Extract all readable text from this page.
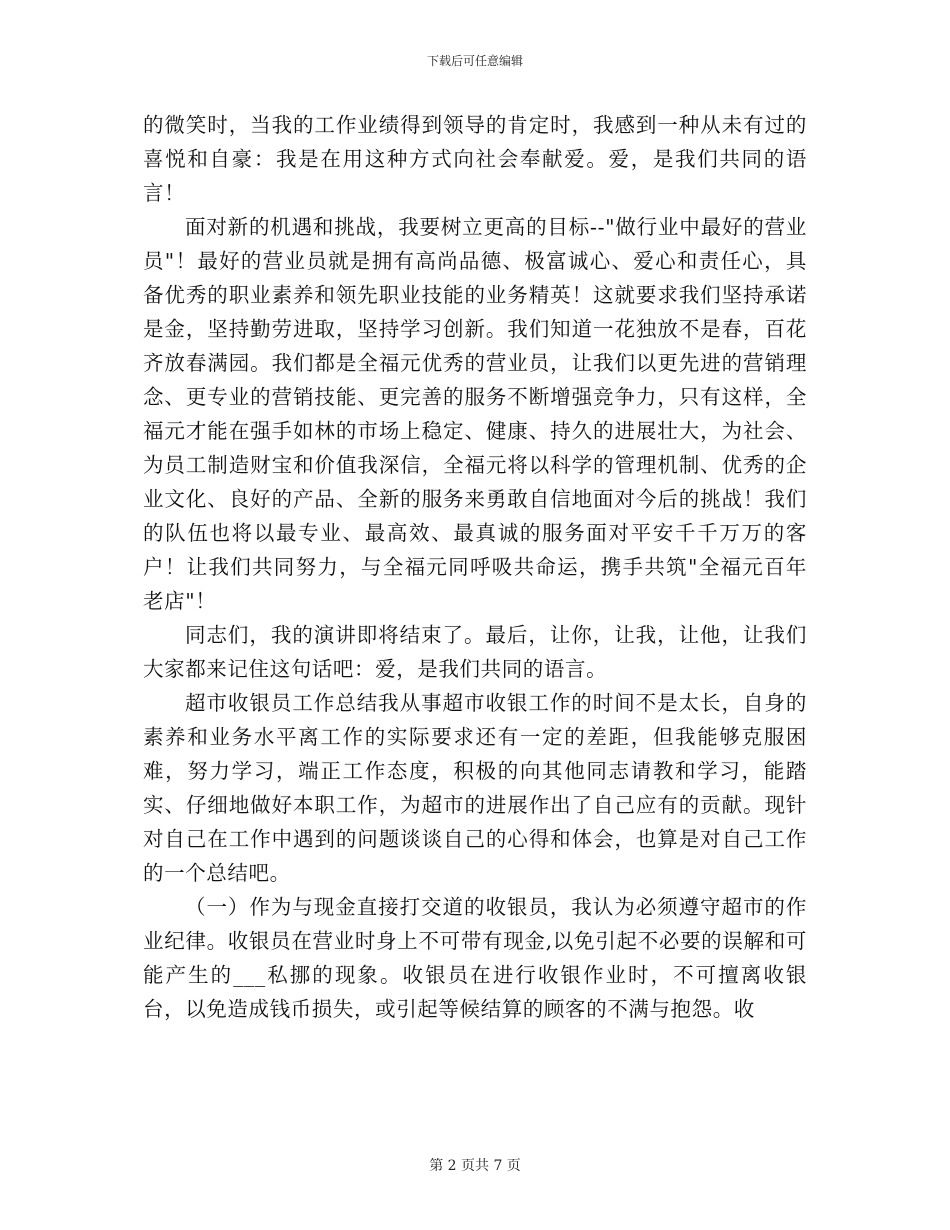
下载后可任意编辑

的微笑时，当我的工作业绩得到领导的肯定时，我感到一种从未有过的喜悦和自豪：我是在用这种方式向社会奉献爱。爱，是我们共同的语言！

面对新的机遇和挑战，我要树立更高的目标--"做行业中最好的营业员"！最好的营业员就是拥有高尚品德、极富诚心、爱心和责任心，具备优秀的职业素养和领先职业技能的业务精英！这就要求我们坚持承诺是金，坚持勤劳进取，坚持学习创新。我们知道一花独放不是春，百花齐放春满园。我们都是全福元优秀的营业员，让我们以更先进的营销理念、更专业的营销技能、更完善的服务不断增强竞争力，只有这样，全福元才能在强手如林的市场上稳定、健康、持久的进展壮大，为社会、为员工制造财宝和价值我深信，全福元将以科学的管理机制、优秀的企业文化、良好的产品、全新的服务来勇敢自信地面对今后的挑战！我们的队伍也将以最专业、最高效、最真诚的服务面对平安千千万万的客户！让我们共同努力，与全福元同呼吸共命运，携手共筑"全福元百年老店"！

同志们，我的演讲即将结束了。最后，让你，让我，让他，让我们大家都来记住这句话吧：爱，是我们共同的语言。

超市收银员工作总结我从事超市收银工作的时间不是太长，自身的素养和业务水平离工作的实际要求还有一定的差距，但我能够克服困难，努力学习，端正工作态度，积极的向其他同志请教和学习，能踏实、仔细地做好本职工作，为超市的进展作出了自己应有的贡献。现针对自己在工作中遇到的问题谈谈自己的心得和体会，也算是对自己工作的一个总结吧。

（一）作为与现金直接打交道的收银员，我认为必须遵守超市的作业纪律。收银员在营业时身上不可带有现金,以免引起不必要的误解和可能产生的___私挪的现象。收银员在进行收银作业时，不可擅离收银台，以免造成钱币损失，或引起等候结算的顾客的不满与抱怨。收

第 2 页共 7 页
